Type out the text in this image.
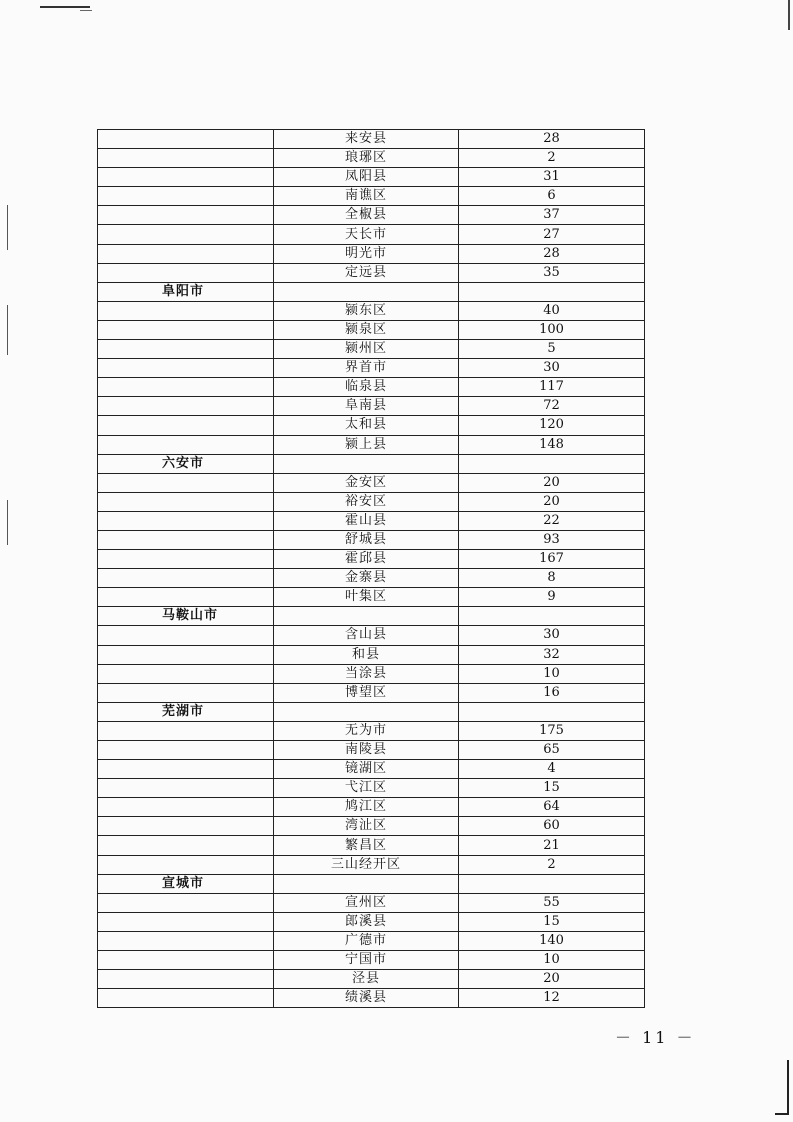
	来安县	28
	琅琊区	2
	凤阳县	31
	南谯区	6
	全椒县	37
	天长市	27
	明光市	28
	定远县	35
阜阳市		
	颍东区	40
	颍泉区	100
	颍州区	5
	界首市	30
	临泉县	117
	阜南县	72
	太和县	120
	颍上县	148
六安市		
	金安区	20
	裕安区	20
	霍山县	22
	舒城县	93
	霍邱县	167
	金寨县	8
	叶集区	9
马鞍山市		
	含山县	30
	和县	32
	当涂县	10
	博望区	16
芜湖市		
	无为市	175
	南陵县	65
	镜湖区	4
	弋江区	15
	鸠江区	64
	湾沚区	60
	繁昌区	21
	三山经开区	2
宣城市		
	宣州区	55
	郎溪县	15
	广德市	140
	宁国市	10
	泾县	20
	绩溪县	12
－ 11 －
